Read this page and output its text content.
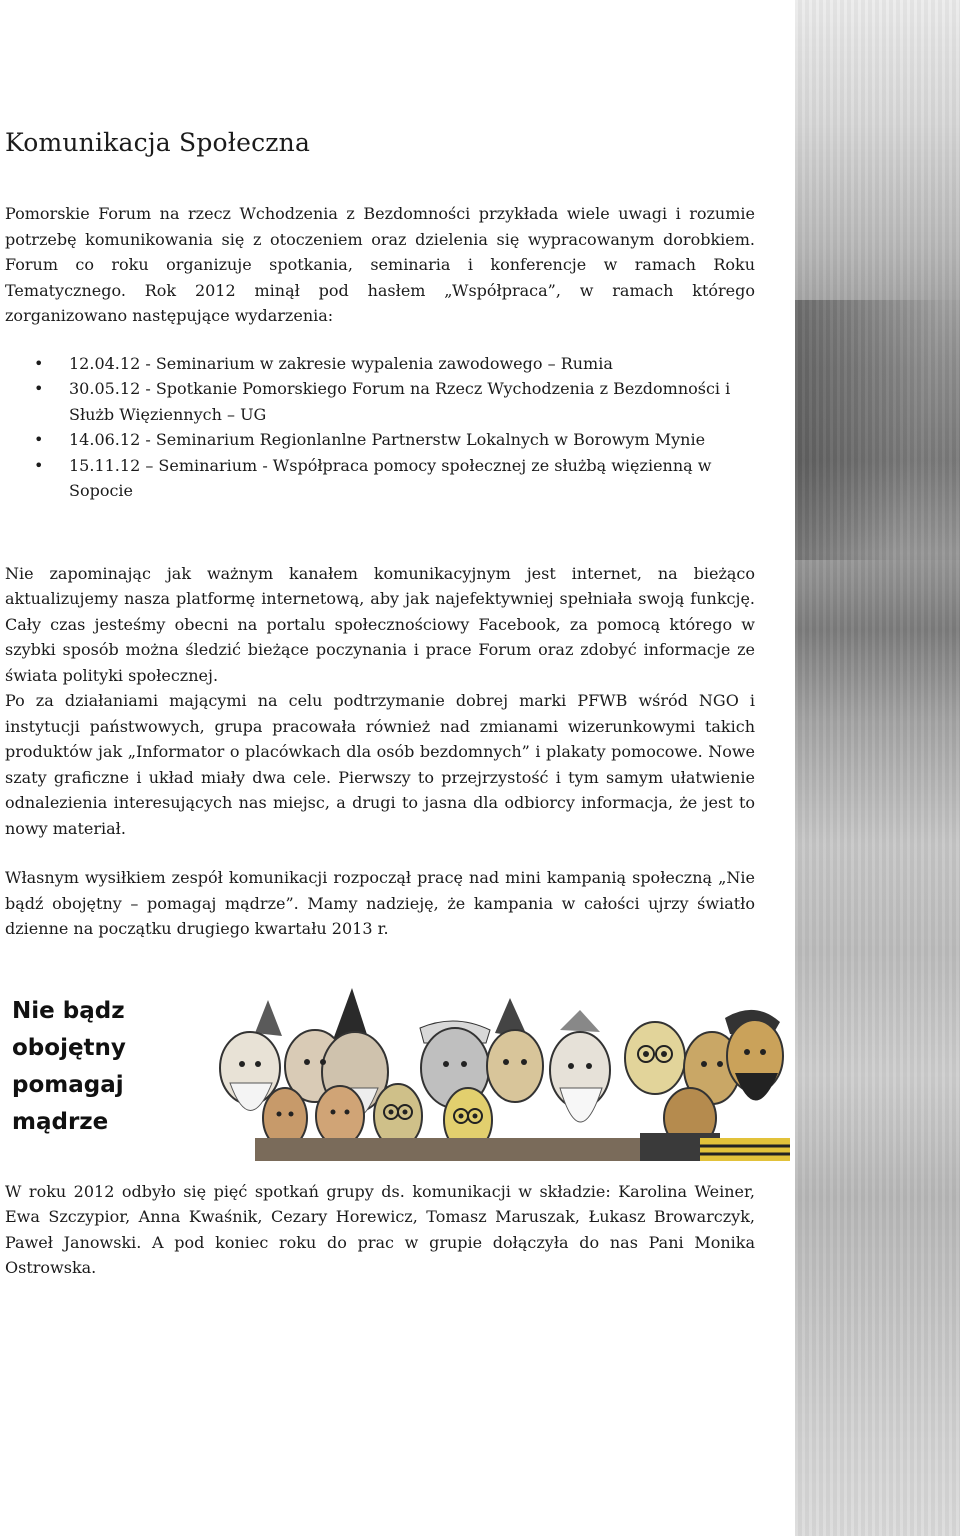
Komunikacja Społeczna

Pomorskie Forum na rzecz Wchodzenia z Bezdomności przykłada wiele uwagi i rozumie potrzebę komunikowania się z otoczeniem oraz dzielenia się wypracowanym dorobkiem. Forum co roku organizuje spotkania, seminaria i konferencje w ramach Roku Tematycznego. Rok 2012 minął pod hasłem „Współpraca”, w ramach którego zorganizowano następujące wydarzenia:

• 12.04.12 - Seminarium w zakresie wypalenia zawodowego – Rumia
• 30.05.12 - Spotkanie Pomorskiego Forum na Rzecz Wychodzenia z Bezdomności i Służb Więziennych – UG
• 14.06.12 - Seminarium Regionlanlne Partnerstw Lokalnych w Borowym Mynie
• 15.11.12 – Seminarium - Współpraca pomocy społecznej ze służbą więzienną w Sopocie

Nie zapominając jak ważnym kanałem komunikacyjnym jest internet, na bieżąco aktualizujemy nasza platformę internetową, aby jak najefektywniej spełniała swoją funkcję. Cały czas jesteśmy obecni na portalu społecznościowy Facebook, za pomocą którego w szybki sposób można śledzić bieżące poczynania i prace Forum oraz zdobyć informacje ze świata polityki społecznej.

Po za działaniami mającymi na celu podtrzymanie dobrej marki PFWB wśród NGO i instytucji państwowych, grupa pracowała również nad zmianami wizerunkowymi takich produktów jak „Informator o placówkach dla osób bezdomnych” i plakaty pomocowe. Nowe szaty graficzne i układ miały dwa cele. Pierwszy to przejrzystość i tym samym ułatwienie odnalezienia interesujących nas miejsc, a drugi to jasna dla odbiorcy informacja, że jest to nowy materiał.

Własnym wysiłkiem zespół komunikacji rozpoczął pracę nad mini kampanią społeczną „Nie bądź obojętny – pomagaj mądrze”. Mamy nadzieję, że kampania w całości ujrzy światło dzienne na początku drugiego kwartału 2013 r.

Nie bądz
obojętny
pomagaj
mądrze

W roku 2012 odbyło się pięć spotkań grupy ds. komunikacji w składzie: Karolina Weiner, Ewa Szczypior, Anna Kwaśnik, Cezary Horewicz, Tomasz Maruszak, Łukasz Browarczyk, Paweł Janowski. A pod koniec roku do prac w grupie dołączyła do nas Pani Monika Ostrowska.
